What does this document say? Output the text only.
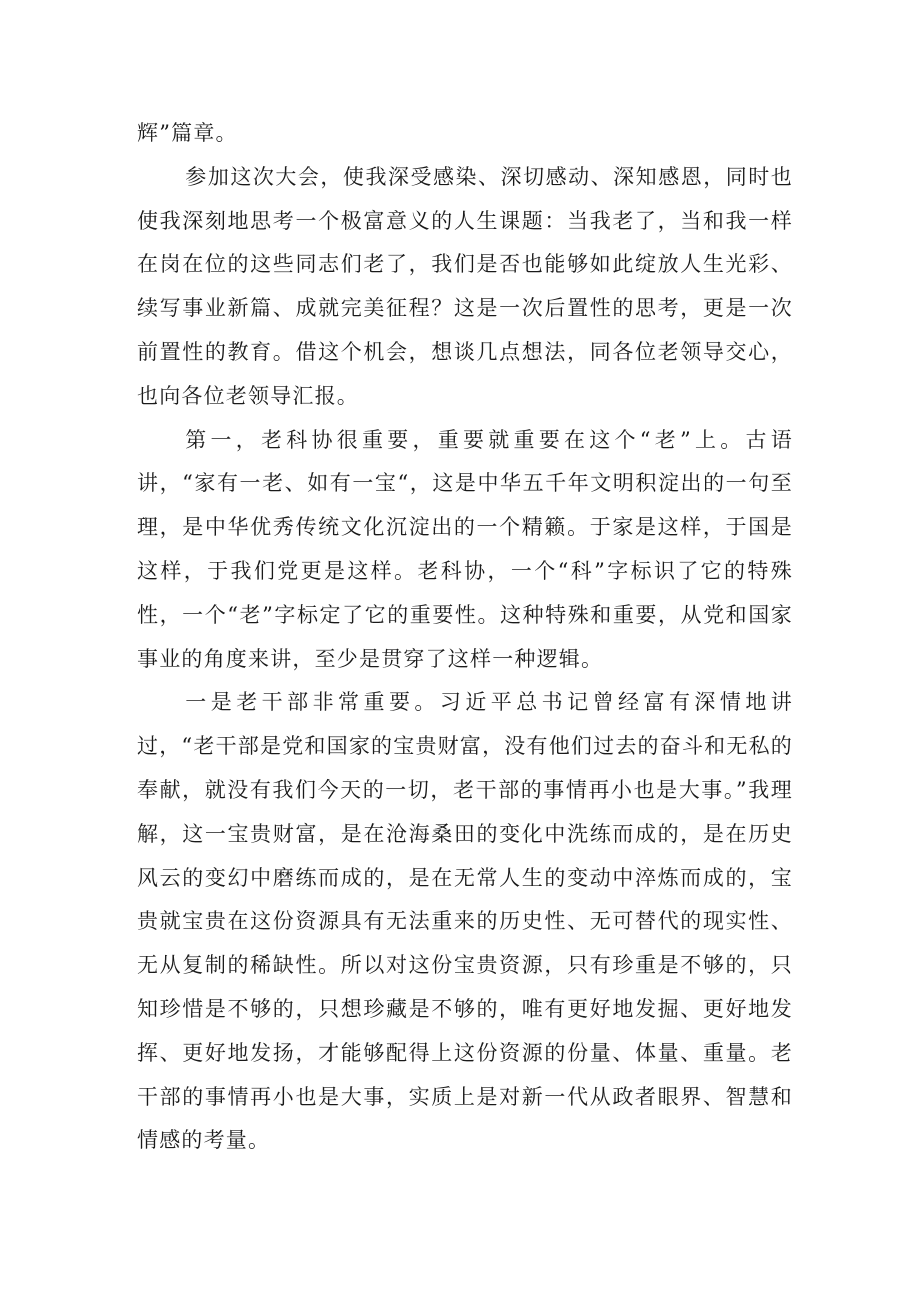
辉”篇章。

参加这次大会，使我深受感染、深切感动、深知感恩，同时也使我深刻地思考一个极富意义的人生课题：当我老了，当和我一样在岗在位的这些同志们老了，我们是否也能够如此绽放人生光彩、续写事业新篇、成就完美征程？这是一次后置性的思考，更是一次前置性的教育。借这个机会，想谈几点想法，同各位老领导交心，也向各位老领导汇报。

第一，老科协很重要，重要就重要在这个“老”上。古语讲，“家有一老、如有一宝“，这是中华五千年文明积淀出的一句至理，是中华优秀传统文化沉淀出的一个精籁。于家是这样，于国是这样，于我们党更是这样。老科协，一个“科”字标识了它的特殊性，一个“老”字标定了它的重要性。这种特殊和重要，从党和国家事业的角度来讲，至少是贯穿了这样一种逻辑。

一是老干部非常重要。习近平总书记曾经富有深情地讲过，“老干部是党和国家的宝贵财富，没有他们过去的奋斗和无私的奉献，就没有我们今天的一切，老干部的事情再小也是大事。”我理解，这一宝贵财富，是在沧海桑田的变化中洗练而成的，是在历史风云的变幻中磨练而成的，是在无常人生的变动中淬炼而成的，宝贵就宝贵在这份资源具有无法重来的历史性、无可替代的现实性、无从复制的稀缺性。所以对这份宝贵资源，只有珍重是不够的，只知珍惜是不够的，只想珍藏是不够的，唯有更好地发掘、更好地发挥、更好地发扬，才能够配得上这份资源的份量、体量、重量。老干部的事情再小也是大事，实质上是对新一代从政者眼界、智慧和情感的考量。
